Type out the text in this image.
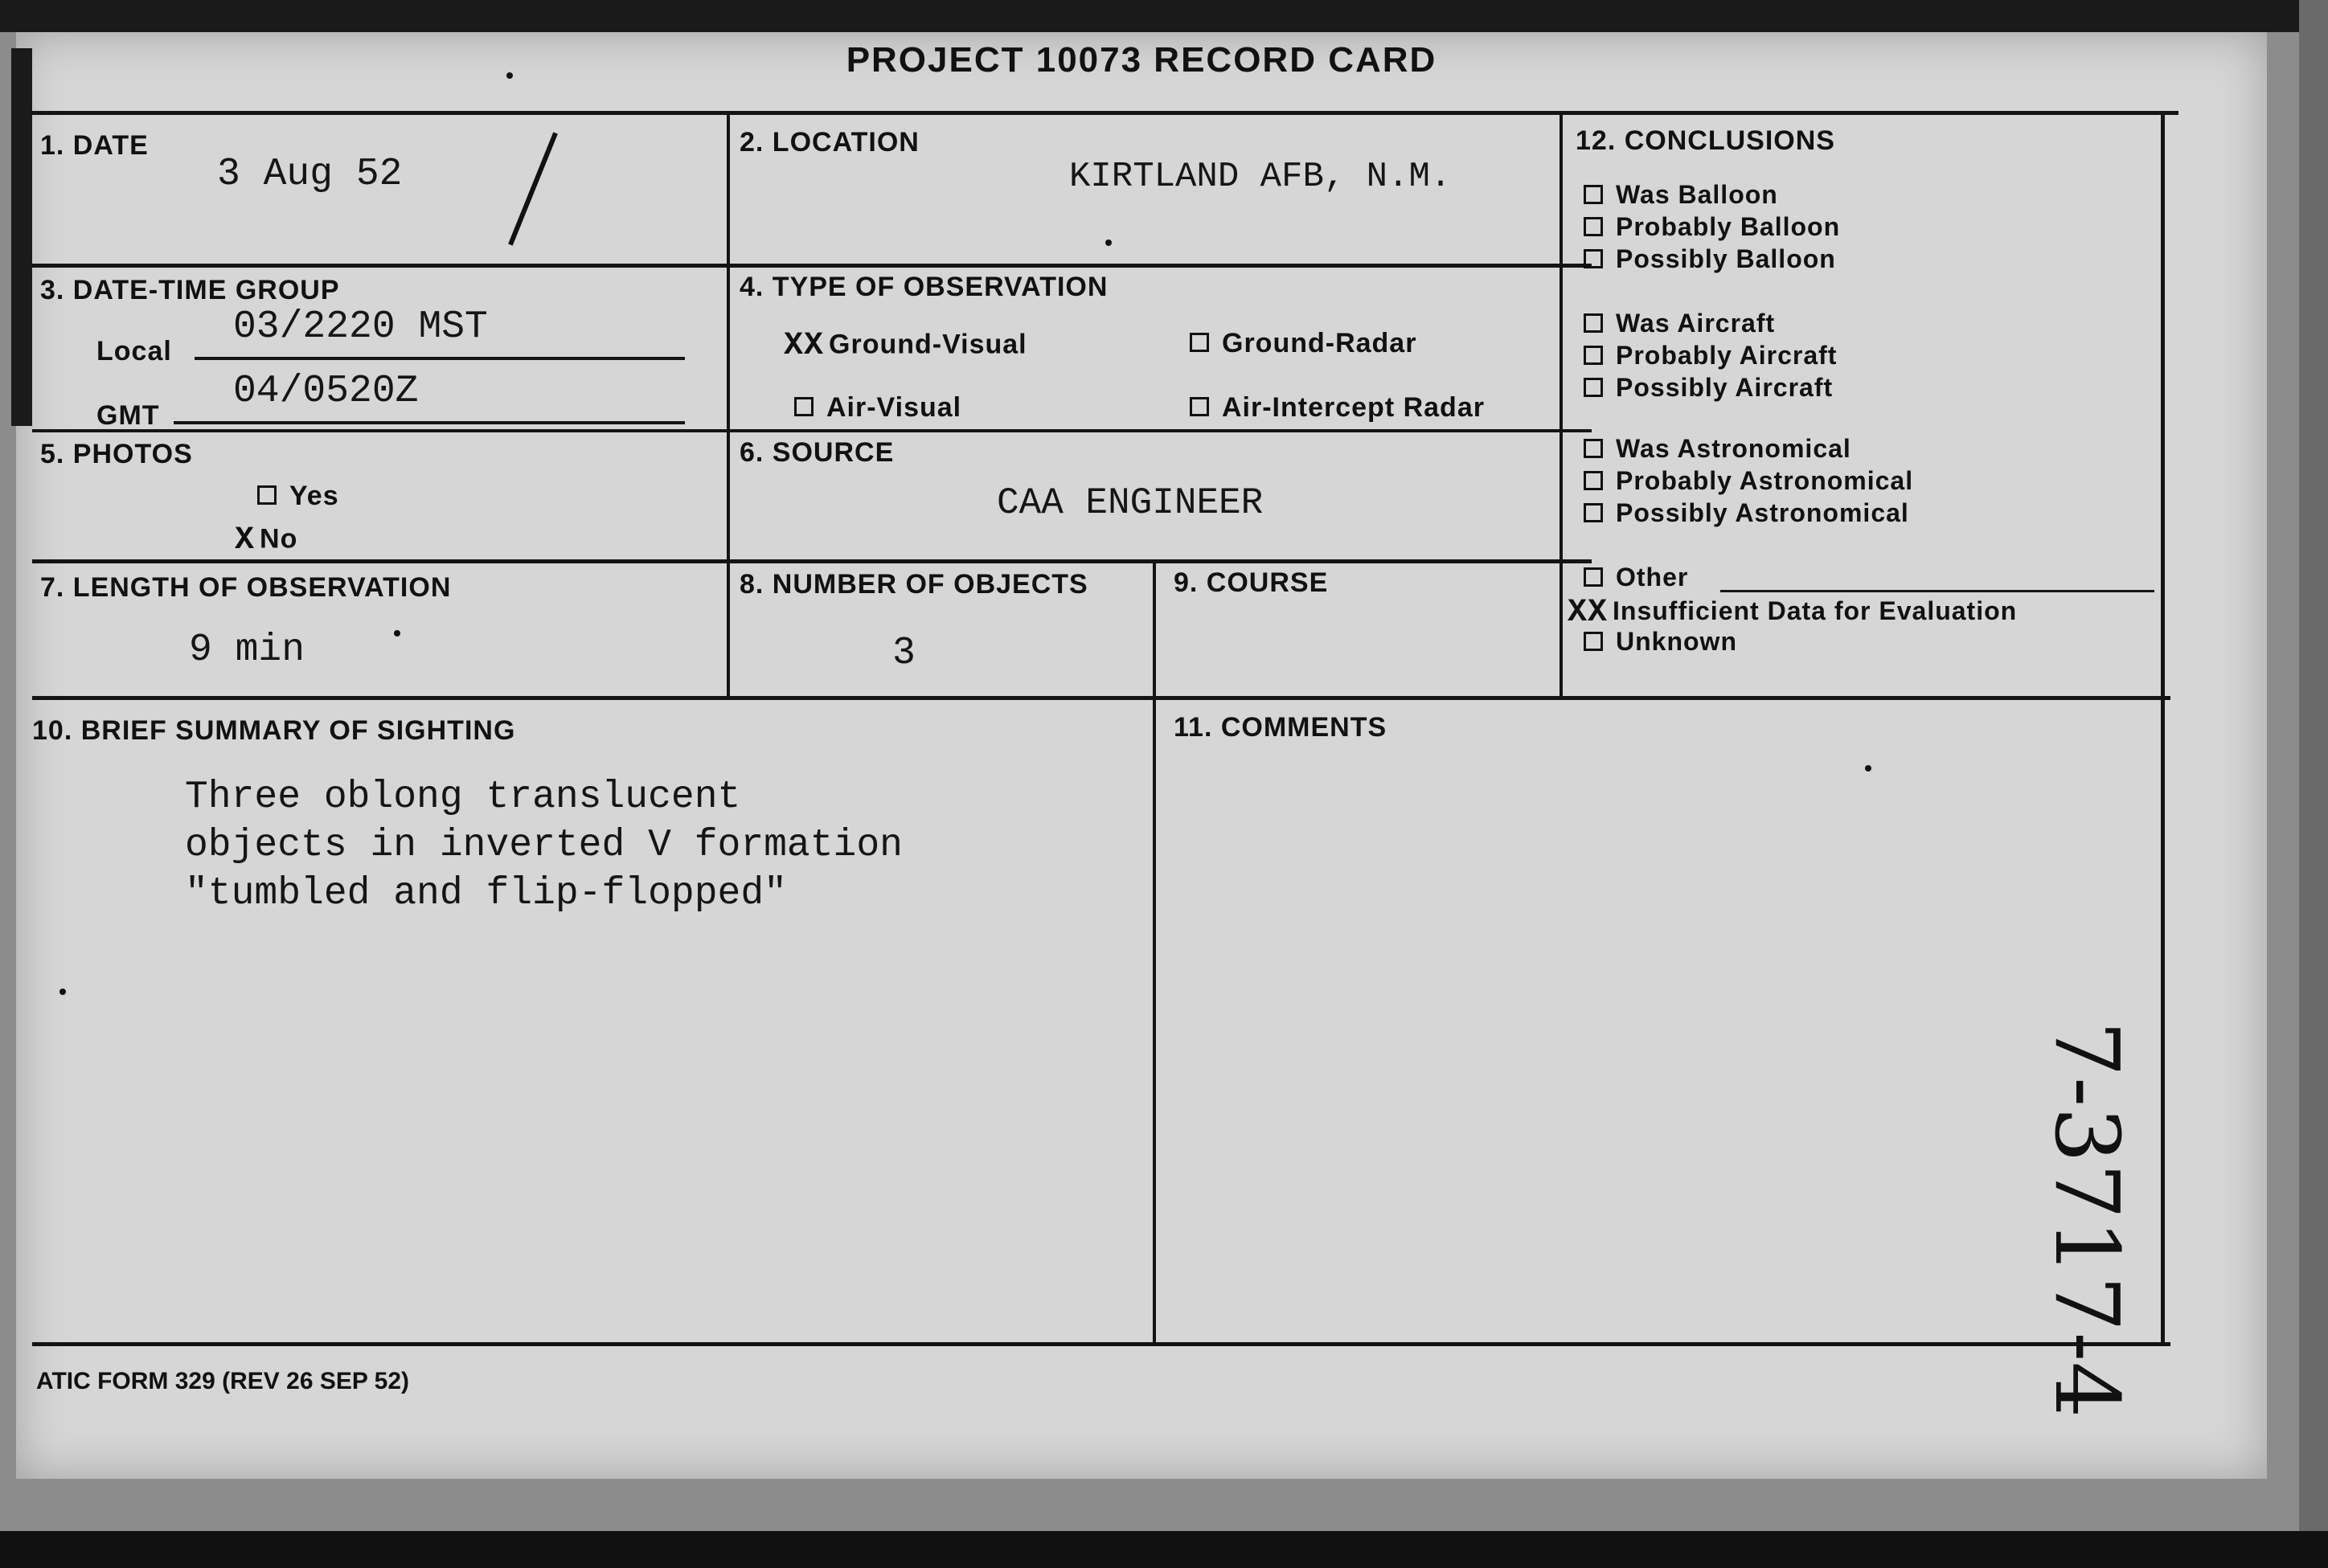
PROJECT 10073 RECORD CARD
1. DATE
3 Aug 52
2. LOCATION
KIRTLAND AFB, N.M.
3. DATE-TIME GROUP
Local
03/2220 MST
GMT
04/0520Z
4. TYPE OF OBSERVATION
XX Ground-Visual	Ground-Radar
Air-Visual	Air-Intercept Radar
5. PHOTOS
Yes
X No
6. SOURCE
CAA ENGINEER
7. LENGTH OF OBSERVATION
9 min
8. NUMBER OF OBJECTS
3
9. COURSE
12. CONCLUSIONS
Was Balloon
Probably Balloon
Possibly Balloon
Was Aircraft
Probably Aircraft
Possibly Aircraft
Was Astronomical
Probably Astronomical
Possibly Astronomical
Other
XX Insufficient Data for Evaluation
Unknown
10. BRIEF SUMMARY OF SIGHTING
Three oblong translucent
objects in inverted V formation
"tumbled and flip-flopped"
11. COMMENTS
7-3717-4
ATIC FORM 329 (REV 26 SEP 52)
